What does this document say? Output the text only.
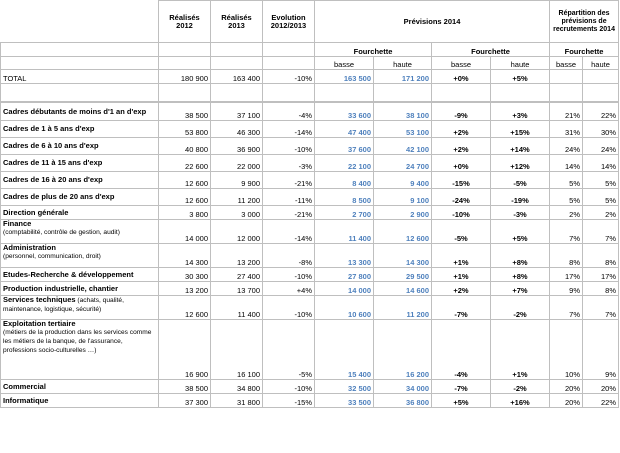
	Réalisés 2012	Réalisés 2013	Evolution 2012/2013	Prévisions 2014				Répartition des prévisions de recrutements 2014	
				Fourchette		Fourchette		Fourchette	
				basse	haute	basse	haute	basse	haute
TOTAL	180 900	163 400	-10%	163 500	171 200	+0%	+5%		

Cadres débutants de moins d'1 an d'exp	38 500	37 100	-4%	33 600	38 100	-9%	+3%	21%	22%
Cadres de 1 à 5 ans d'exp	53 800	46 300	-14%	47 400	53 100	+2%	+15%	31%	30%
Cadres de 6 à 10 ans d'exp	40 800	36 900	-10%	37 600	42 100	+2%	+14%	24%	24%
Cadres de 11 à 15 ans d'exp	22 600	22 000	-3%	22 100	24 700	+0%	+12%	14%	14%
Cadres de 16 à 20 ans d'exp	12 600	9 900	-21%	8 400	9 400	-15%	-5%	5%	5%
Cadres de plus de 20 ans d'exp	12 600	11 200	-11%	8 500	9 100	-24%	-19%	5%	5%
Direction générale	3 800	3 000	-21%	2 700	2 900	-10%	-3%	2%	2%
Finance
(comptabilité, contrôle de gestion, audit)	14 000	12 000	-14%	11 400	12 600	-5%	+5%	7%	7%
Administration
(personnel, communication, droit)	14 300	13 200	-8%	13 300	14 300	+1%	+8%	8%	8%
Etudes-Recherche & développement	30 300	27 400	-10%	27 800	29 500	+1%	+8%	17%	17%
Production industrielle, chantier	13 200	13 700	+4%	14 000	14 600	+2%	+7%	9%	8%
Services techniques (achats, qualité,
maintenance, logistique, sécurité)	12 600	11 400	-10%	10 600	11 200	-7%	-2%	7%	7%
Exploitation tertiaire
(métiers de la production dans les services comme les métiers de la banque, de l'assurance, professions socio-culturelles …)	16 900	16 100	-5%	15 400	16 200	-4%	+1%	10%	9%
Commercial	38 500	34 800	-10%	32 500	34 000	-7%	-2%	20%	20%
Informatique	37 300	31 800	-15%	33 500	36 800	+5%	+16%	20%	22%
